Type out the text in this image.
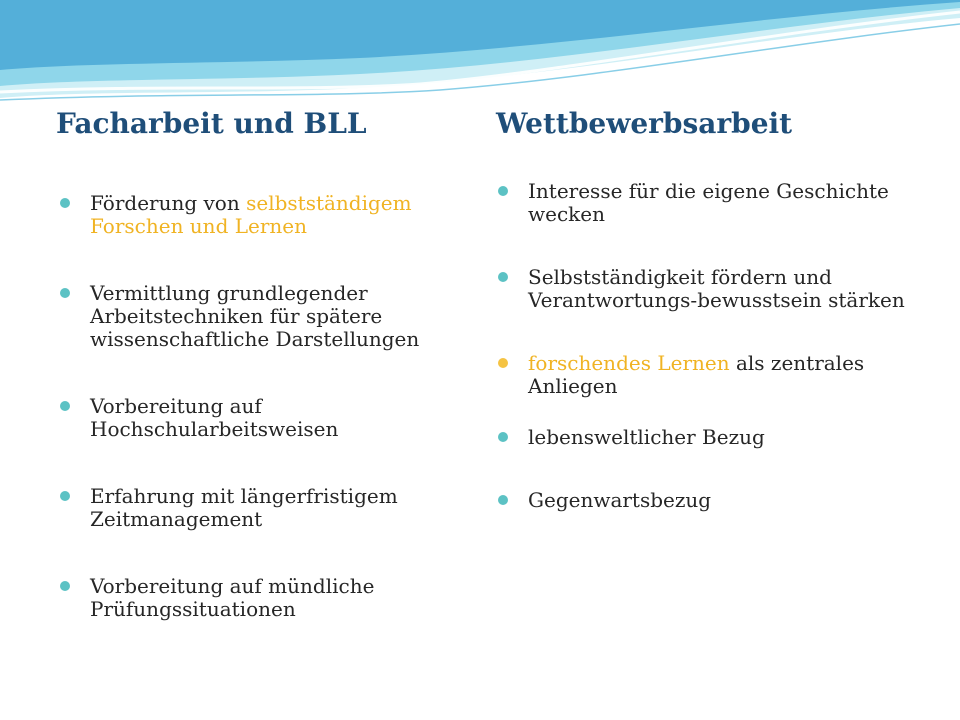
Facharbeit und BLL	Wettbewerbsarbeit
Förderung von selbstständigem Forschen und Lernen
Vermittlung grundlegender Arbeitstechniken für spätere wissenschaftliche Darstellungen
Vorbereitung auf Hochschularbeitsweisen
Erfahrung mit längerfristigem Zeitmanagement
Vorbereitung auf mündliche Prüfungssituationen
Interesse für die eigene Geschichte wecken
Selbstständigkeit fördern und Verantwortungs-bewusstsein stärken
forschendes Lernen als zentrales Anliegen
lebensweltlicher Bezug
Gegenwartsbezug
